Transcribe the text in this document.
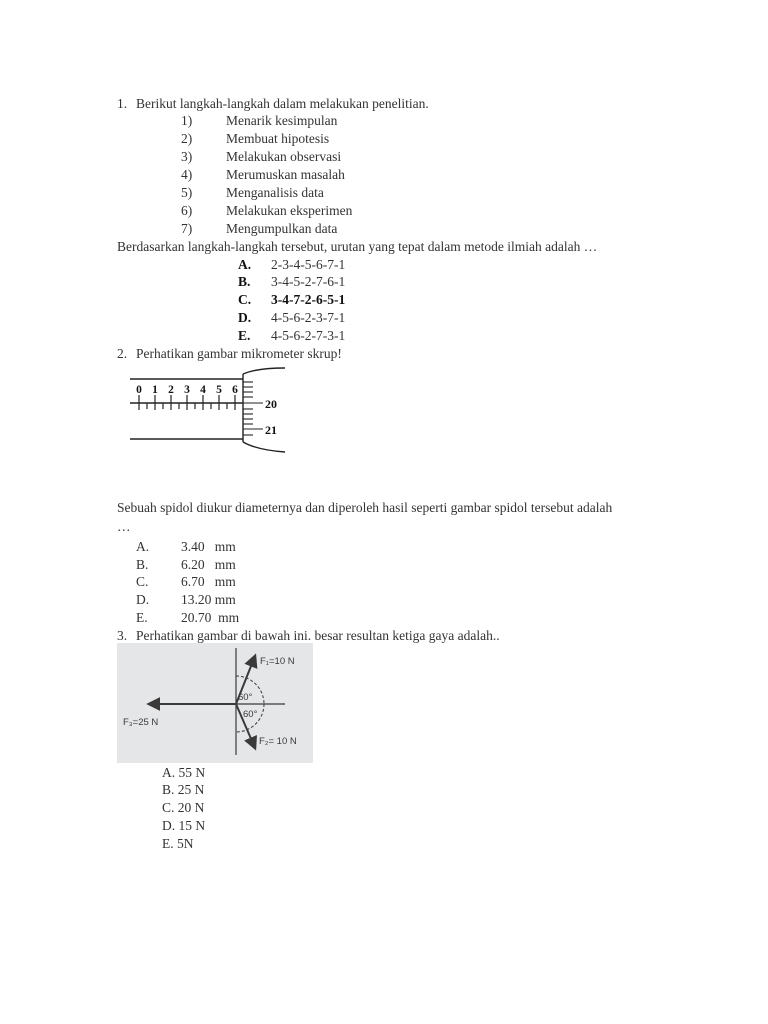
1. Berikut langkah-langkah dalam melakukan penelitian.
1)	Menarik kesimpulan
2)	Membuat hipotesis
3)	Melakukan observasi
4)	Merumuskan masalah
5)	Menganalisis data
6)	Melakukan eksperimen
7)	Mengumpulkan data
Berdasarkan langkah-langkah tersebut, urutan yang tepat dalam metode ilmiah adalah …
A. 2-3-4-5-6-7-1
B. 3-4-5-2-7-6-1
C. 3-4-7-2-6-5-1
D. 4-5-6-2-3-7-1
E. 4-5-6-2-7-3-1
2. Perhatikan gambar mikrometer skrup!
0 1 2 3 4 5 6
20
21
Sebuah spidol diukur diameternya dan diperoleh hasil seperti gambar spidol tersebut adalah
…
A. 3.40   mm
B. 6.20   mm
C. 6.70   mm
D. 13.20 mm
E. 20.70  mm
3. Perhatikan gambar di bawah ini. besar resultan ketiga gaya adalah..
F₁=10 N
F₂= 10 N
F₃=25 N
60°
60°
A. 55 N
B. 25 N
C. 20 N
D. 15 N
E. 5N
